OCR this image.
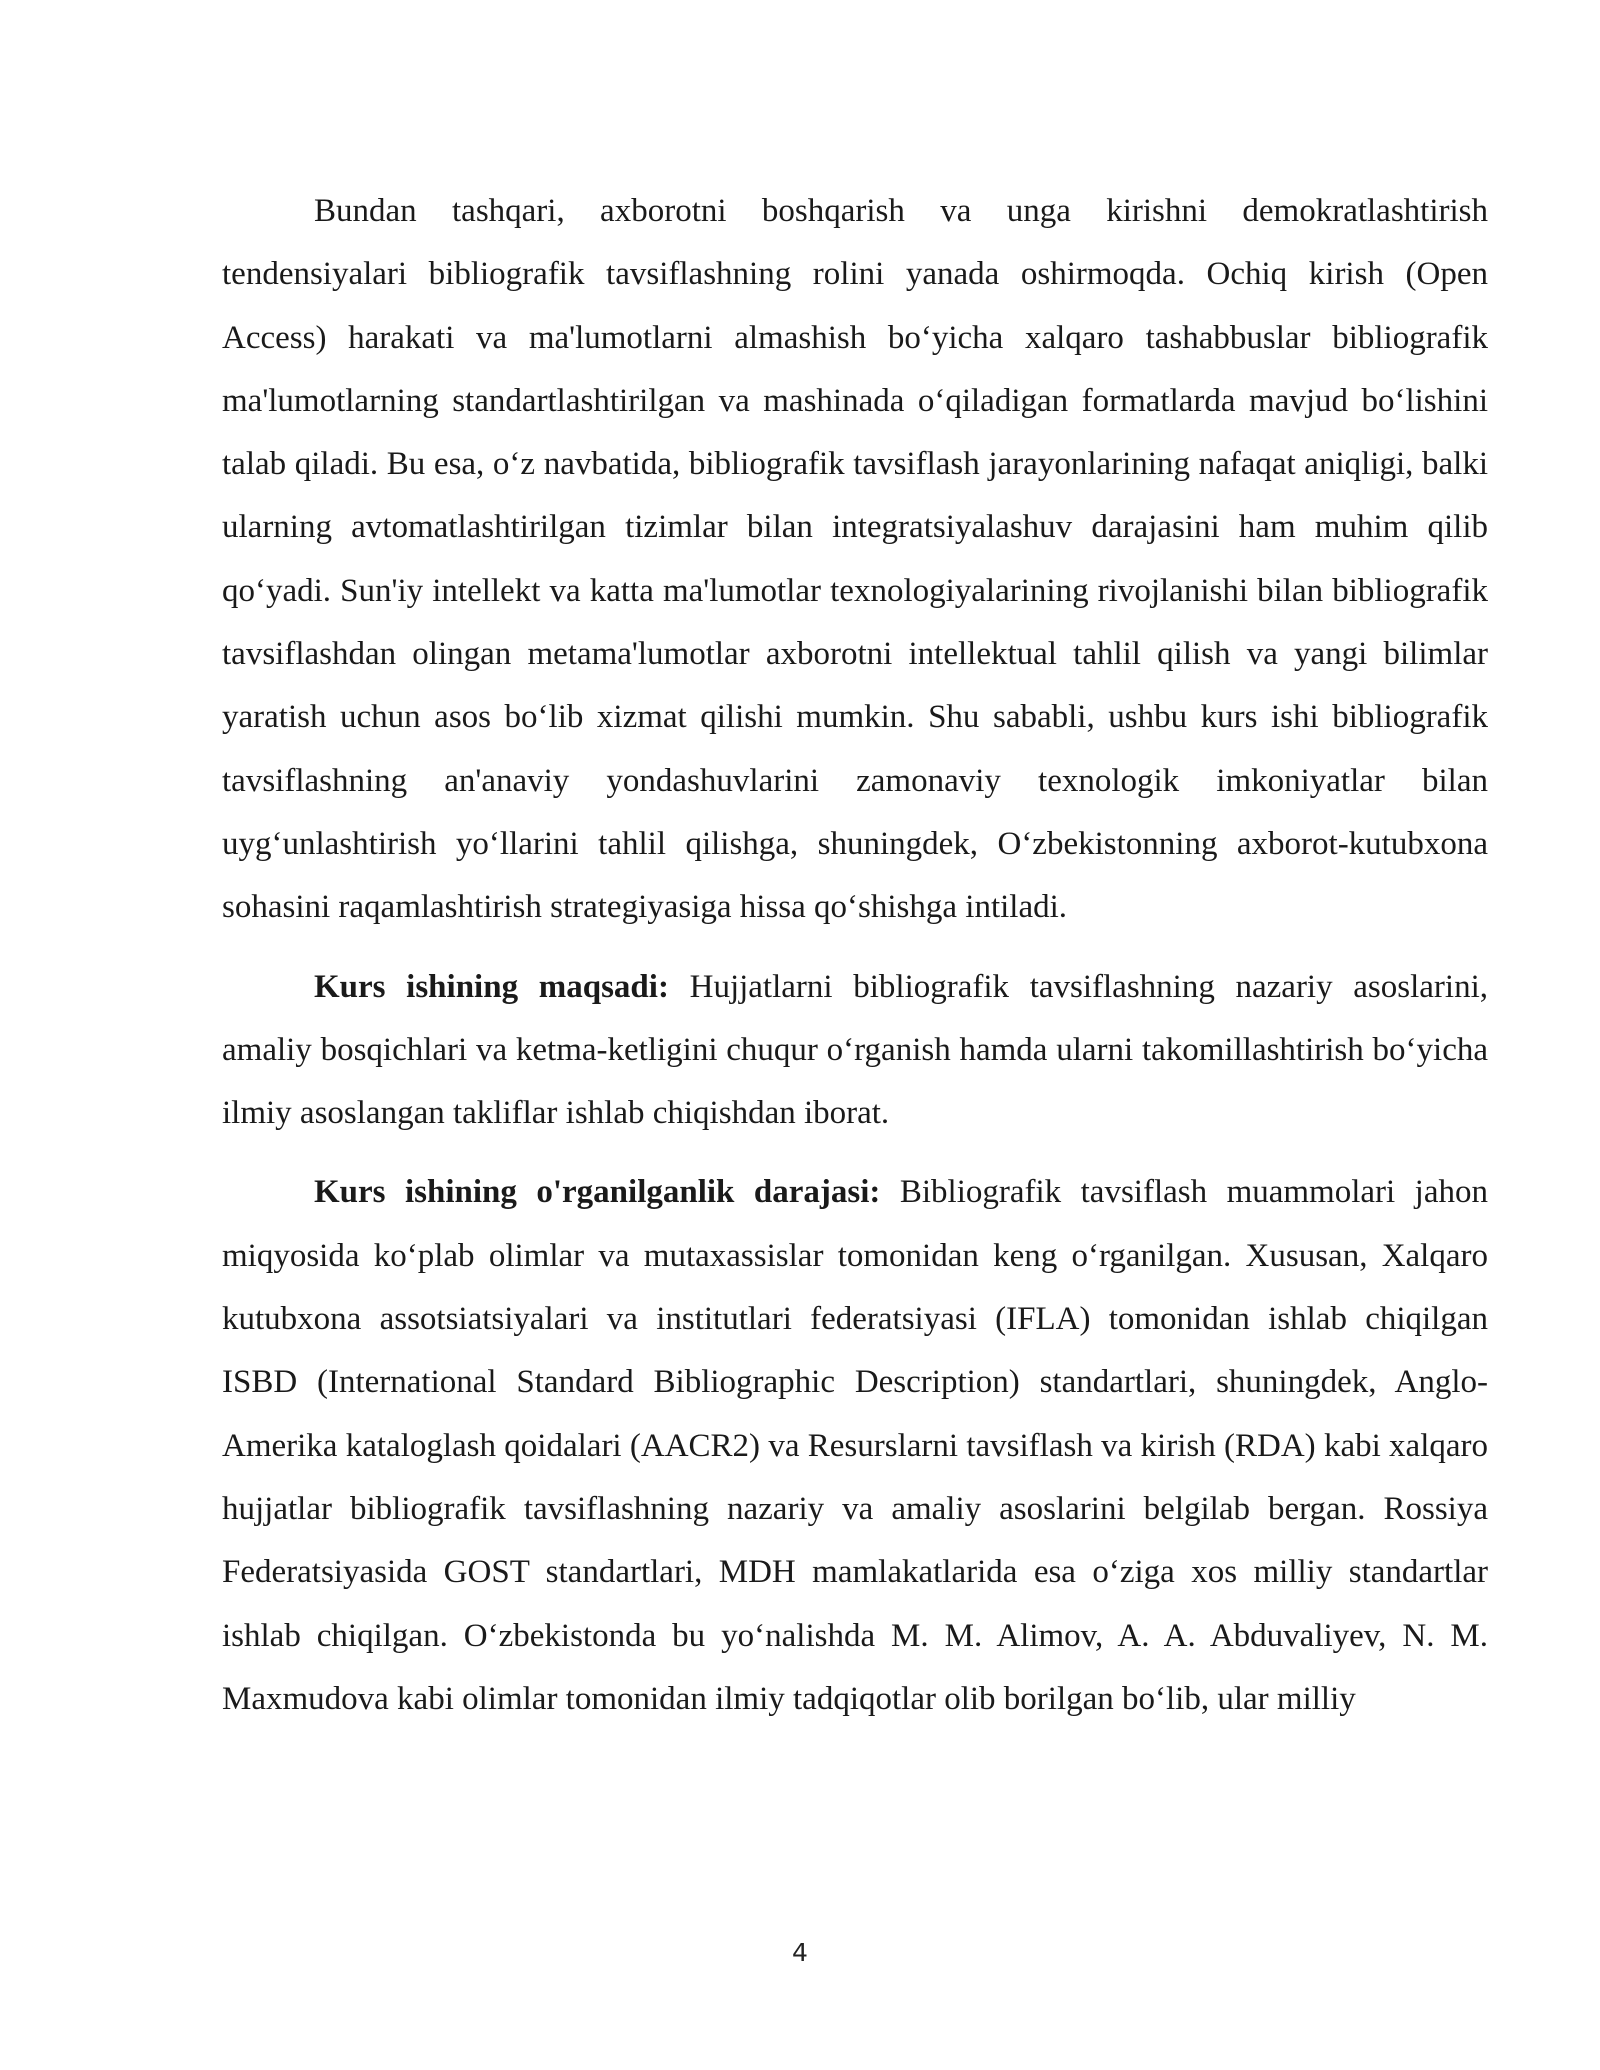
Bundan tashqari, axborotni boshqarish va unga kirishni demokratlashtirish tendensiyalari bibliografik tavsiflashning rolini yanada oshirmoqda. Ochiq kirish (Open Access) harakati va ma'lumotlarni almashish bo‘yicha xalqaro tashabbuslar bibliografik ma'lumotlarning standartlashtirilgan va mashinada o‘qiladigan formatlarda mavjud bo‘lishini talab qiladi. Bu esa, o‘z navbatida, bibliografik tavsiflash jarayonlarining nafaqat aniqligi, balki ularning avtomatlashtirilgan tizimlar bilan integratsiyalashuv darajasini ham muhim qilib qo‘yadi. Sun'iy intellekt va katta ma'lumotlar texnologiyalarining rivojlanishi bilan bibliografik tavsiflashdan olingan metama'lumotlar axborotni intellektual tahlil qilish va yangi bilimlar yaratish uchun asos bo‘lib xizmat qilishi mumkin. Shu sababli, ushbu kurs ishi bibliografik tavsiflashning an'anaviy yondashuvlarini zamonaviy texnologik imkoniyatlar bilan uyg‘unlashtirish yo‘llarini tahlil qilishga, shuningdek, O‘zbekistonning axborot-kutubxona sohasini raqamlashtirish strategiyasiga hissa qo‘shishga intiladi.

Kurs ishining maqsadi: Hujjatlarni bibliografik tavsiflashning nazariy asoslarini, amaliy bosqichlari va ketma-ketligini chuqur o‘rganish hamda ularni takomillashtirish bo‘yicha ilmiy asoslangan takliflar ishlab chiqishdan iborat.

Kurs ishining o'rganilganlik darajasi: Bibliografik tavsiflash muammolari jahon miqyosida ko‘plab olimlar va mutaxassislar tomonidan keng o‘rganilgan. Xususan, Xalqaro kutubxona assotsiatsiyalari va institutlari federatsiyasi (IFLA) tomonidan ishlab chiqilgan ISBD (International Standard Bibliographic Description) standartlari, shuningdek, Anglo-Amerika kataloglash qoidalari (AACR2) va Resurslarni tavsiflash va kirish (RDA) kabi xalqaro hujjatlar bibliografik tavsiflashning nazariy va amaliy asoslarini belgilab bergan. Rossiya Federatsiyasida GOST standartlari, MDH mamlakatlarida esa o‘ziga xos milliy standartlar ishlab chiqilgan. O‘zbekistonda bu yo‘nalishda M. M. Alimov, A. A. Abduvaliyev, N. M. Maxmudova kabi olimlar tomonidan ilmiy tadqiqotlar olib borilgan bo‘lib, ular milliy

4
